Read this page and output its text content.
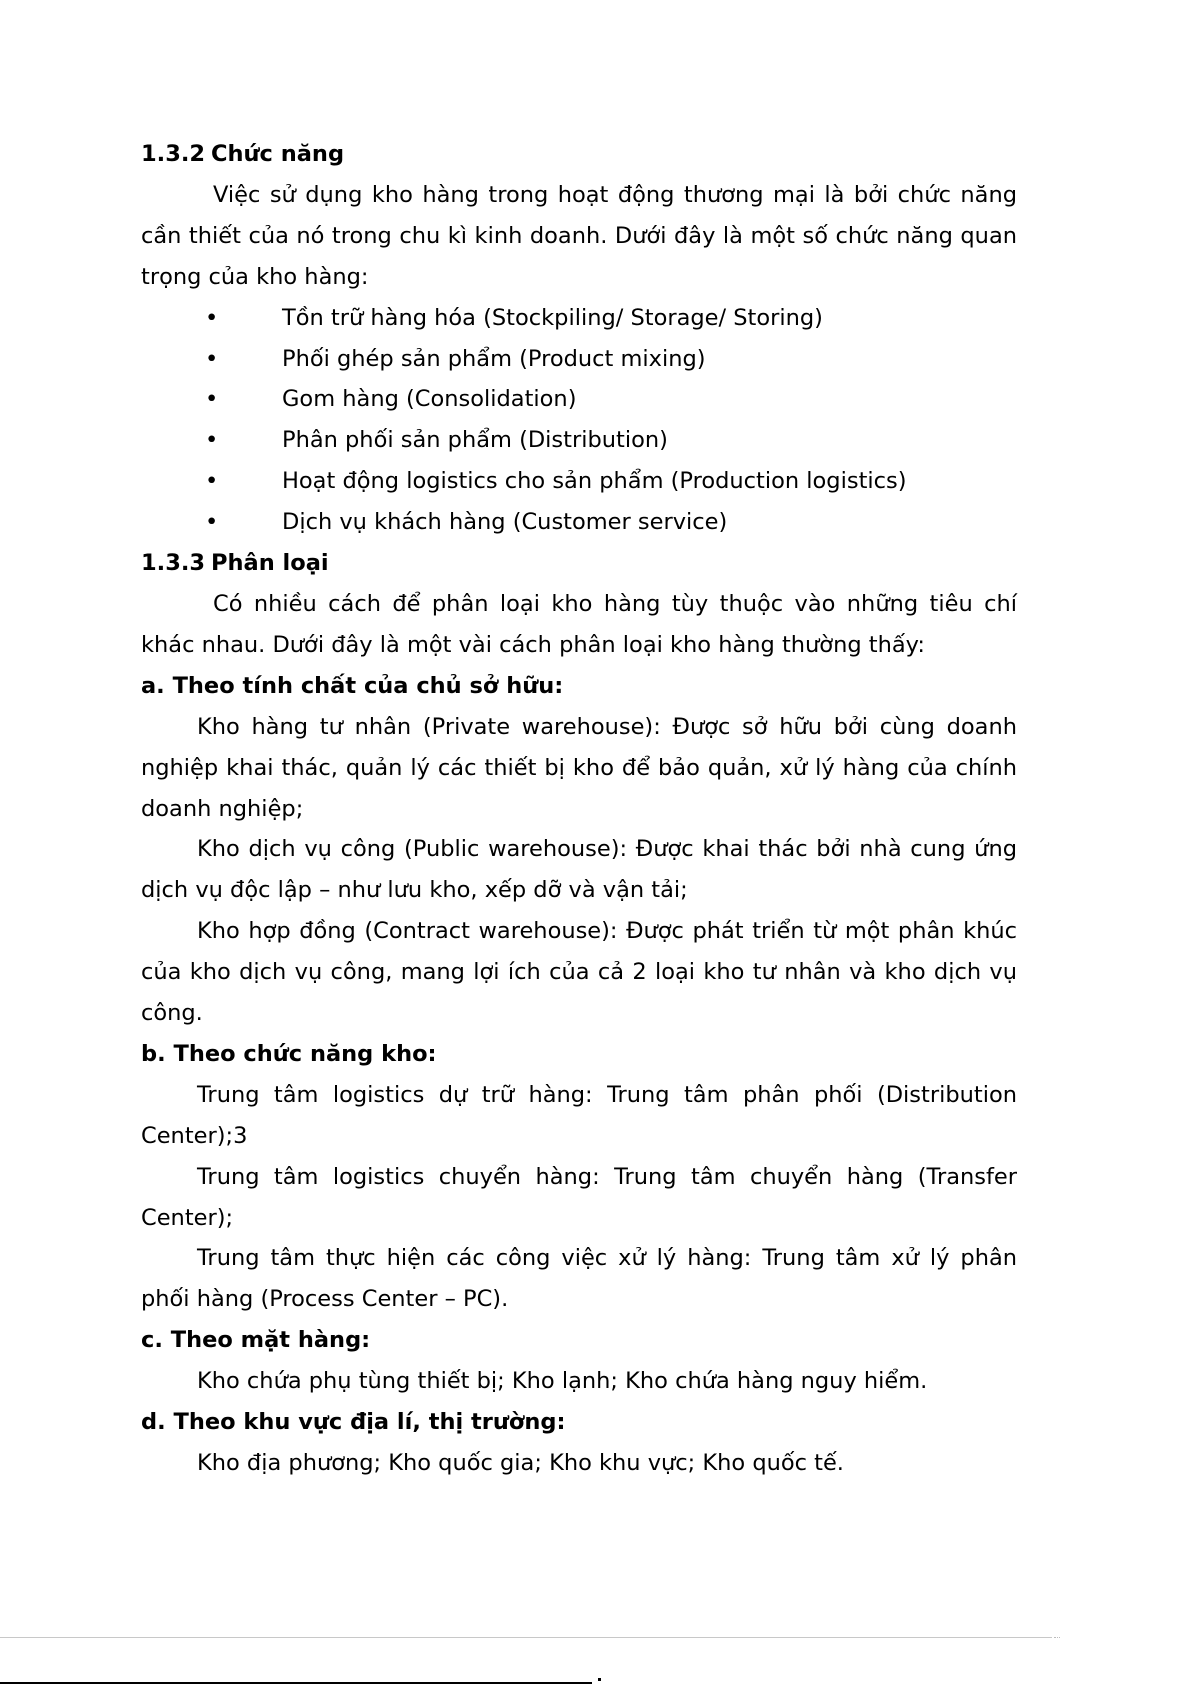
1.3.2 Chức năng
Việc sử dụng kho hàng trong hoạt động thương mại là bởi chức năng cần thiết của nó trong chu kì kinh doanh. Dưới đây là một số chức năng quan trọng của kho hàng:
•	Tồn trữ hàng hóa (Stockpiling/ Storage/ Storing)
•	Phối ghép sản phẩm (Product mixing)
•	Gom hàng (Consolidation)
•	Phân phối sản phẩm (Distribution)
•	Hoạt động logistics cho sản phẩm (Production logistics)
•	Dịch vụ khách hàng (Customer service)
1.3.3 Phân loại
Có nhiều cách để phân loại kho hàng tùy thuộc vào những tiêu chí khác nhau. Dưới đây là một vài cách phân loại kho hàng thường thấy:
a. Theo tính chất của chủ sở hữu:
Kho hàng tư nhân (Private warehouse): Được sở hữu bởi cùng doanh nghiệp khai thác, quản lý các thiết bị kho để bảo quản, xử lý hàng của chính doanh nghiệp;
Kho dịch vụ công (Public warehouse): Được khai thác bởi nhà cung ứng dịch vụ độc lập – như lưu kho, xếp dỡ và vận tải;
Kho hợp đồng (Contract warehouse): Được phát triển từ một phân khúc của kho dịch vụ công, mang lợi ích của cả 2 loại kho tư nhân và kho dịch vụ công.
b. Theo chức năng kho:
Trung tâm logistics dự trữ hàng: Trung tâm phân phối (Distribution Center);3
Trung tâm logistics chuyển hàng: Trung tâm chuyển hàng (Transfer Center);
Trung tâm thực hiện các công việc xử lý hàng: Trung tâm xử lý phân phối hàng (Process Center – PC).
c. Theo mặt hàng:
Kho chứa phụ tùng thiết bị; Kho lạnh; Kho chứa hàng nguy hiểm.
d. Theo khu vực địa lí, thị trường:
Kho địa phương; Kho quốc gia; Kho khu vực; Kho quốc tế.
